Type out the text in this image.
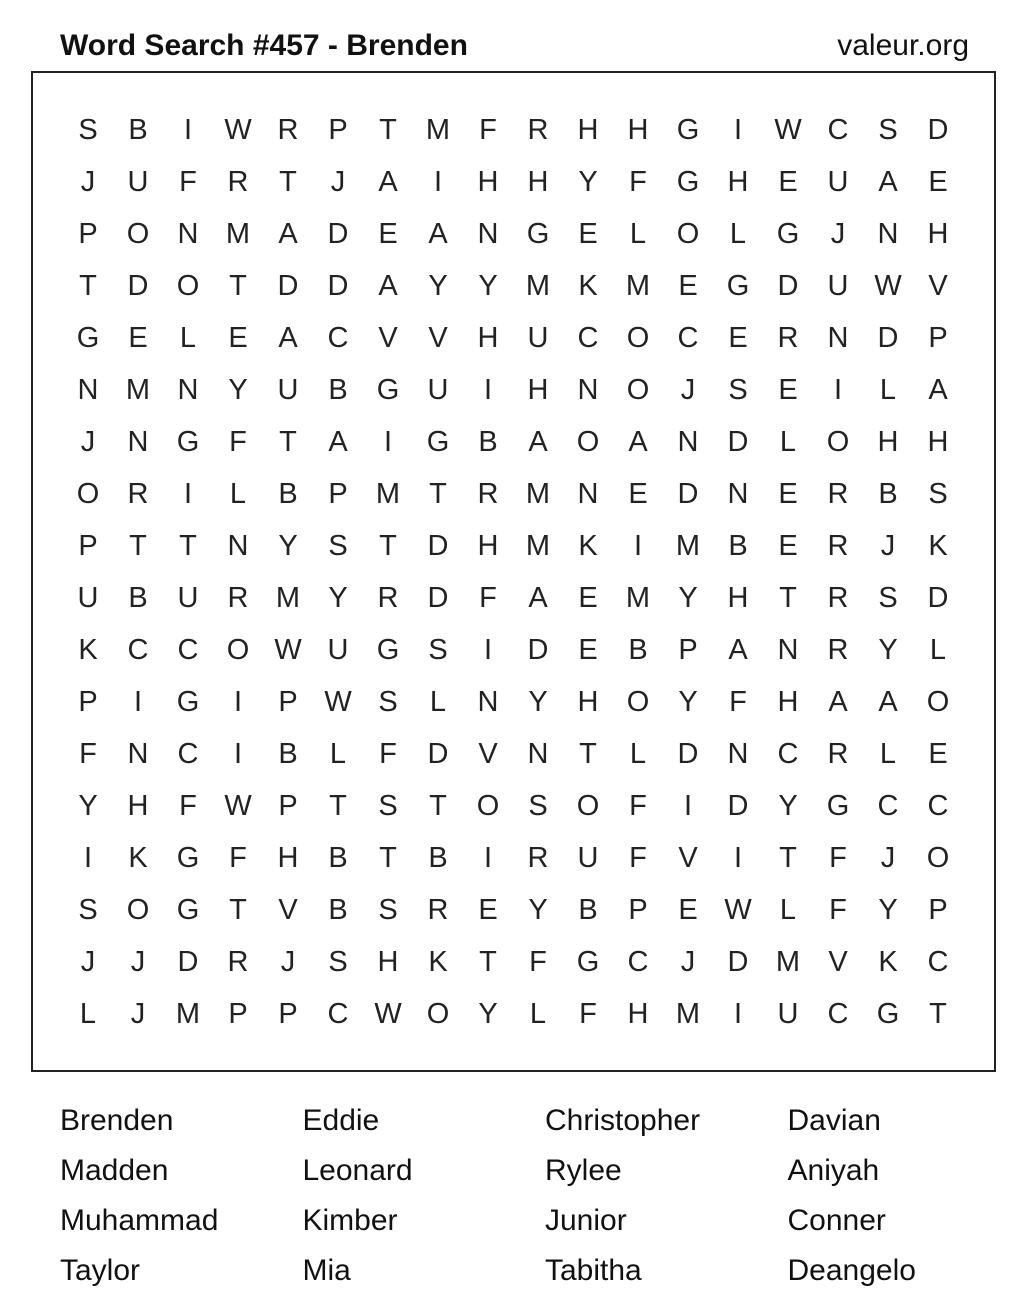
Word Search #457 - Brenden	valeur.org
S	B	I	W R	P	T	M	F	R	H	H G	I	W C	S	D
J	U	F	R	T	J	A	I	H	H	Y	F	G H	E	U	A	E
P	O N M A	D	E	A	N G	E	L	O	L	G	J	N	H
T	D O	T	D	D	A	Y	Y M K M E	G D	U W V
G	E	L	E	A	C	V	V	H	U	C O C	E	R	N	D	P
N M N	Y	U	B	G U	I	H	N O	J	S	E	I	L	A
J	N G	F	T	A	I	G	B	A	O	A	N	D	L	O H	H
O R	I	L	B	P M	T	R M N	E	D	N	E	R	B	S
P	T	T	N	Y	S	T	D	H M K	I	M B	E	R	J	K
U	B	U	R M Y	R	D	F	A	E M Y	H	T	R	S	D
K	C	C O W U G	S	I	D	E	B	P	A	N	R	Y	L
P	I	G	I	P W S	L	N	Y	H O	Y	F	H	A	A	O
F	N	C	I	B	L	F	D	V	N	T	L	D	N	C	R	L	E
Y	H	F W P	T	S	T	O	S	O	F	I	D	Y	G C	C
I	K	G	F	H	B	T	B	I	R	U	F	V	I	T	F	J	O
S	O G	T	V	B	S	R	E	Y	B	P	E W L	F	Y	P
J	J	D	R	J	S	H	K	T	F	G C	J	D M V	K	C
L	J	M P	P	C W O	Y	L	F	H M	I	U	C G	T
Brenden	Eddie	Christopher	Davian
Madden	Leonard	Rylee	Aniyah
Muhammad	Kimber	Junior	Conner
Taylor	Mia	Tabitha	Deangelo
